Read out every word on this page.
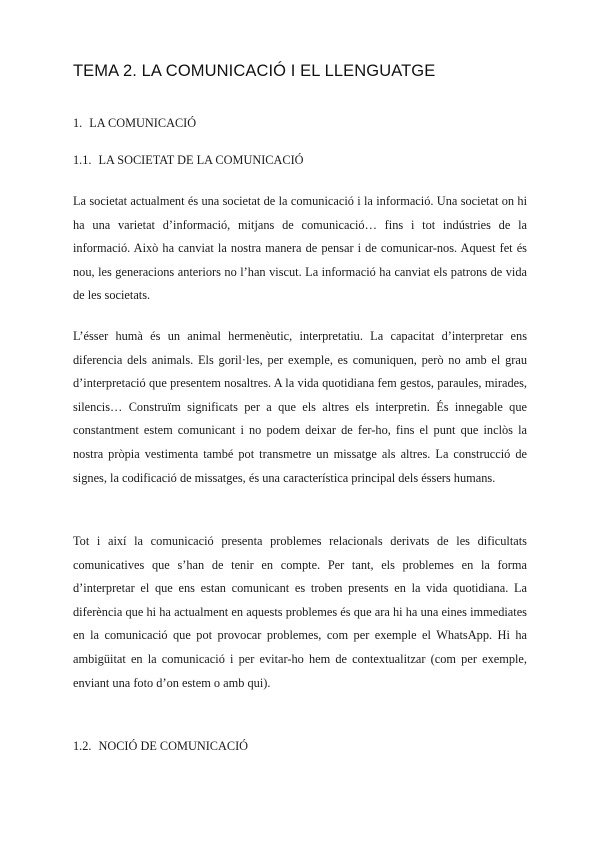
TEMA 2. LA COMUNICACIÓ I EL LLENGUATGE
1. LA COMUNICACIÓ
1.1. LA SOCIETAT DE LA COMUNICACIÓ

La societat actualment és una societat de la comunicació i la informació. Una societat on hi ha una varietat d’informació, mitjans de comunicació… fins i tot indústries de la informació. Això ha canviat la nostra manera de pensar i de comunicar-nos. Aquest fet és nou, les generacions anteriors no l’han viscut. La informació ha canviat els patrons de vida de les societats.

L’ésser humà és un animal hermenèutic, interpretatiu. La capacitat d’interpretar ens diferencia dels animals. Els goril·les, per exemple, es comuniquen, però no amb el grau d’interpretació que presentem nosaltres. A la vida quotidiana fem gestos, paraules, mirades, silencis… Construïm significats per a que els altres els interpretin. És innegable que constantment estem comunicant i no podem deixar de fer-ho, fins el punt que inclòs la nostra pròpia vestimenta també pot transmetre un missatge als altres. La construcció de signes, la codificació de missatges, és una característica principal dels éssers humans.

Tot i així la comunicació presenta problemes relacionals derivats de les dificultats comunicatives que s’han de tenir en compte. Per tant, els problemes en la forma d’interpretar el que ens estan comunicant es troben presents en la vida quotidiana. La diferència que hi ha actualment en aquests problemes és que ara hi ha una eines immediates en la comunicació que pot provocar problemes, com per exemple el WhatsApp. Hi ha ambigüitat en la comunicació i per evitar-ho hem de contextualitzar (com per exemple, enviant una foto d’on estem o amb qui).

1.2. NOCIÓ DE COMUNICACIÓ
